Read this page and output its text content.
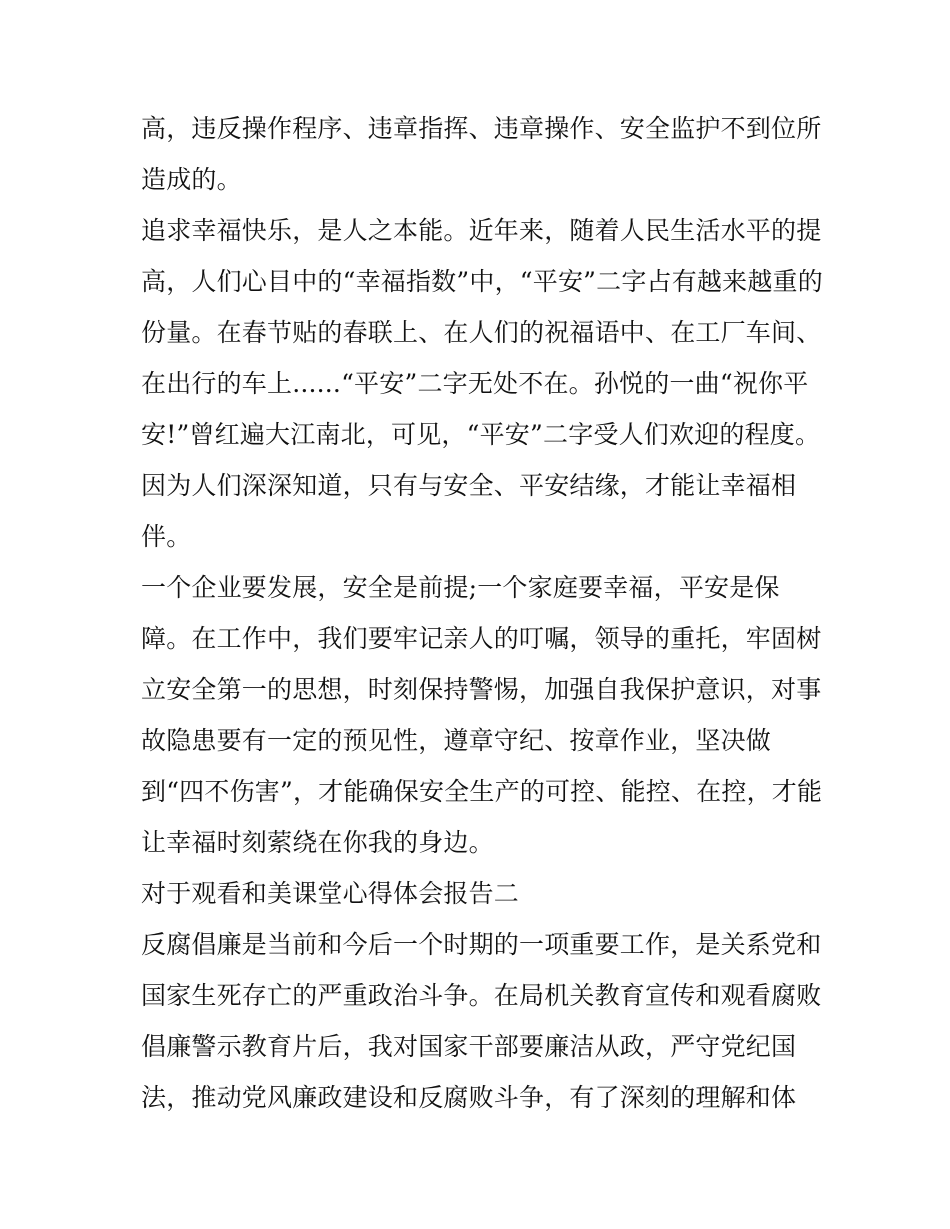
高，违反操作程序、违章指挥、违章操作、安全监护不到位所
造成的。
追求幸福快乐，是人之本能。近年来，随着人民生活水平的提
高，人们心目中的“幸福指数”中，“平安”二字占有越来越重的
份量。在春节贴的春联上、在人们的祝福语中、在工厂车间、
在出行的车上......“平安”二字无处不在。孙悦的一曲“祝你平
安!”曾红遍大江南北，可见，“平安”二字受人们欢迎的程度。
因为人们深深知道，只有与安全、平安结缘，才能让幸福相
伴。
一个企业要发展，安全是前提;一个家庭要幸福，平安是保
障。在工作中，我们要牢记亲人的叮嘱，领导的重托，牢固树
立安全第一的思想，时刻保持警惕，加强自我保护意识，对事
故隐患要有一定的预见性，遵章守纪、按章作业，坚决做
到“四不伤害”，才能确保安全生产的可控、能控、在控，才能
让幸福时刻萦绕在你我的身边。
对于观看和美课堂心得体会报告二
反腐倡廉是当前和今后一个时期的一项重要工作，是关系党和
国家生死存亡的严重政治斗争。在局机关教育宣传和观看腐败
倡廉警示教育片后，我对国家干部要廉洁从政，严守党纪国
法，推动党风廉政建设和反腐败斗争，有了深刻的理解和体
